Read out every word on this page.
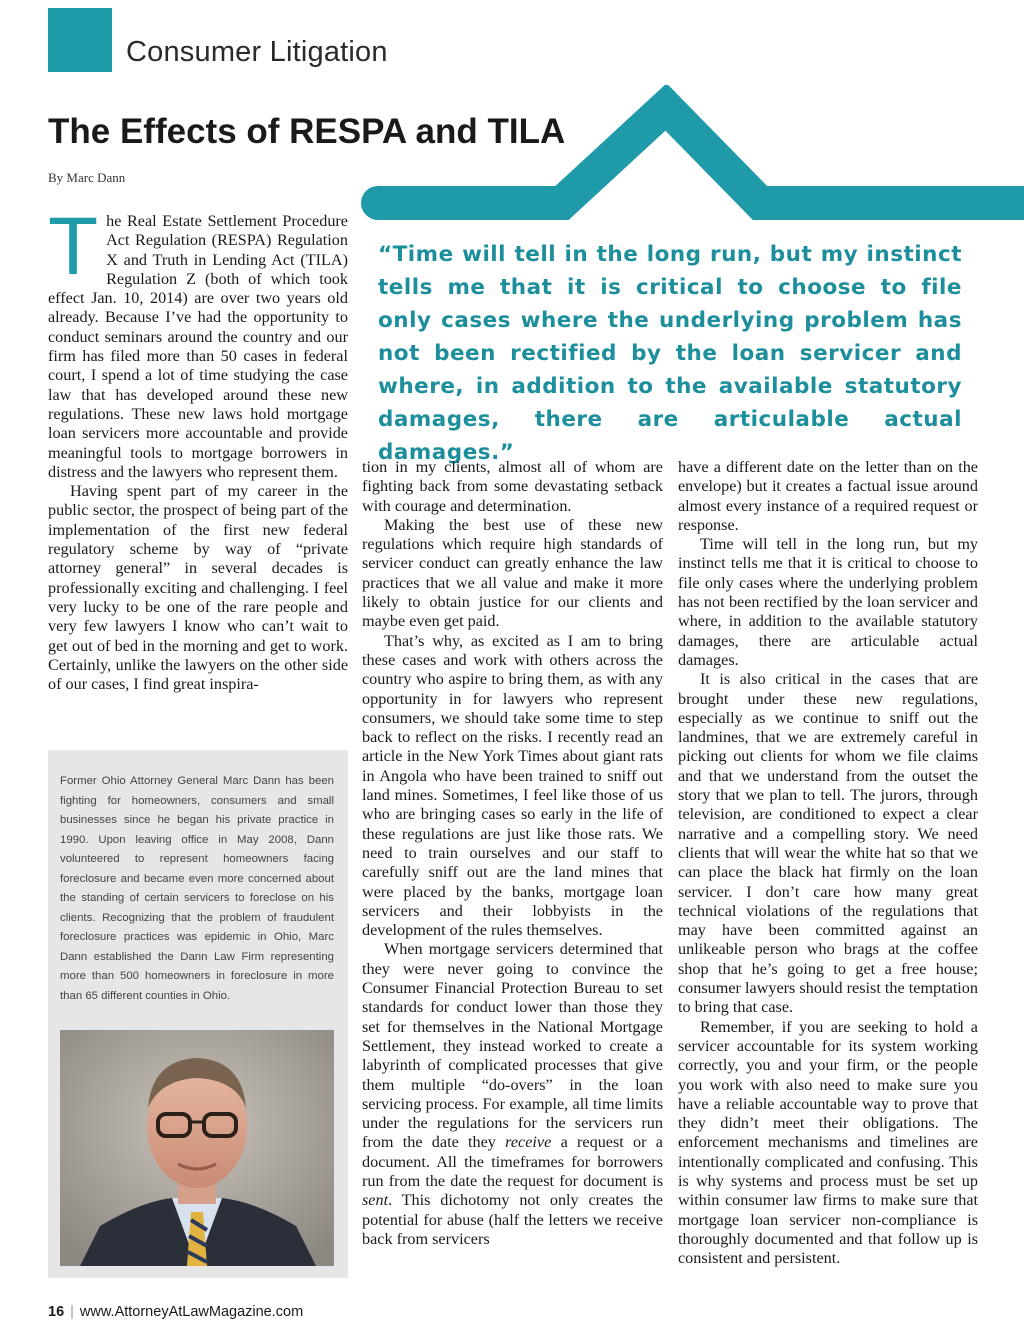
Consumer Litigation
The Effects of RESPA and TILA
By Marc Dann
“Time will tell in the long run, but my instinct tells me that it is critical to choose to file only cases where the underlying problem has not been rectified by the loan servicer and where, in addition to the available statutory damages, there are articulable actual damages.”

The Real Estate Settlement Procedure Act Regulation (RESPA) Regulation X and Truth in Lending Act (TILA) Regulation Z (both of which took effect Jan. 10, 2014) are over two years old already. Because I’ve had the opportunity to conduct seminars around the country and our firm has filed more than 50 cases in federal court, I spend a lot of time studying the case law that has developed around these new regulations. These new laws hold mortgage loan servicers more accountable and provide meaningful tools to mortgage borrowers in distress and the lawyers who represent them.

Having spent part of my career in the public sector, the prospect of being part of the implementation of the first new federal regulatory scheme by way of “private attorney general” in several decades is professionally exciting and challenging. I feel very lucky to be one of the rare people and very few lawyers I know who can’t wait to get out of bed in the morning and get to work. Certainly, unlike the lawyers on the other side of our cases, I find great inspira-

tion in my clients, almost all of whom are fighting back from some devastating setback with courage and determination.

Making the best use of these new regulations which require high standards of servicer conduct can greatly enhance the law practices that we all value and make it more likely to obtain justice for our clients and maybe even get paid.

That’s why, as excited as I am to bring these cases and work with others across the country who aspire to bring them, as with any opportunity in for lawyers who represent consumers, we should take some time to step back to reflect on the risks. I recently read an article in the New York Times about giant rats in Angola who have been trained to sniff out land mines. Sometimes, I feel like those of us who are bringing cases so early in the life of these regulations are just like those rats. We need to train ourselves and our staff to carefully sniff out are the land mines that were placed by the banks, mortgage loan servicers and their lobbyists in the development of the rules themselves.

When mortgage servicers determined that they were never going to convince the Consumer Financial Protection Bureau to set standards for conduct lower than those they set for themselves in the National Mortgage Settlement, they instead worked to create a labyrinth of complicated processes that give them multiple “do-overs” in the loan servicing process. For example, all time limits under the regulations for the servicers run from the date they receive a request or a document. All the timeframes for borrowers run from the date the request for document is sent. This dichotomy not only creates the potential for abuse (half the letters we receive back from servicers

have a different date on the letter than on the envelope) but it creates a factual issue around almost every instance of a required request or response.

Time will tell in the long run, but my instinct tells me that it is critical to choose to file only cases where the underlying problem has not been rectified by the loan servicer and where, in addition to the available statutory damages, there are articulable actual damages.

It is also critical in the cases that are brought under these new regulations, especially as we continue to sniff out the landmines, that we are extremely careful in picking out clients for whom we file claims and that we understand from the outset the story that we plan to tell. The jurors, through television, are conditioned to expect a clear narrative and a compelling story. We need clients that will wear the white hat so that we can place the black hat firmly on the loan servicer. I don’t care how many great technical violations of the regulations that may have been committed against an unlikeable person who brags at the coffee shop that he’s going to get a free house; consumer lawyers should resist the temptation to bring that case.

Remember, if you are seeking to hold a servicer accountable for its system working correctly, you and your firm, or the people you work with also need to make sure you have a reliable accountable way to prove that they didn’t meet their obligations. The enforcement mechanisms and timelines are intentionally complicated and confusing. This is why systems and process must be set up within consumer law firms to make sure that mortgage loan servicer non-compliance is thoroughly documented and that follow up is consistent and persistent.

Former Ohio Attorney General Marc Dann has been fighting for homeowners, consumers and small businesses since he began his private practice in 1990. Upon leaving office in May 2008, Dann volunteered to represent homeowners facing foreclosure and became even more concerned about the standing of certain servicers to foreclose on his clients. Recognizing that the problem of fraudulent foreclosure practices was epidemic in Ohio, Marc Dann established the Dann Law Firm representing more than 500 homeowners in foreclosure in more than 65 different counties in Ohio.

16 | www.AttorneyAtLawMagazine.com
